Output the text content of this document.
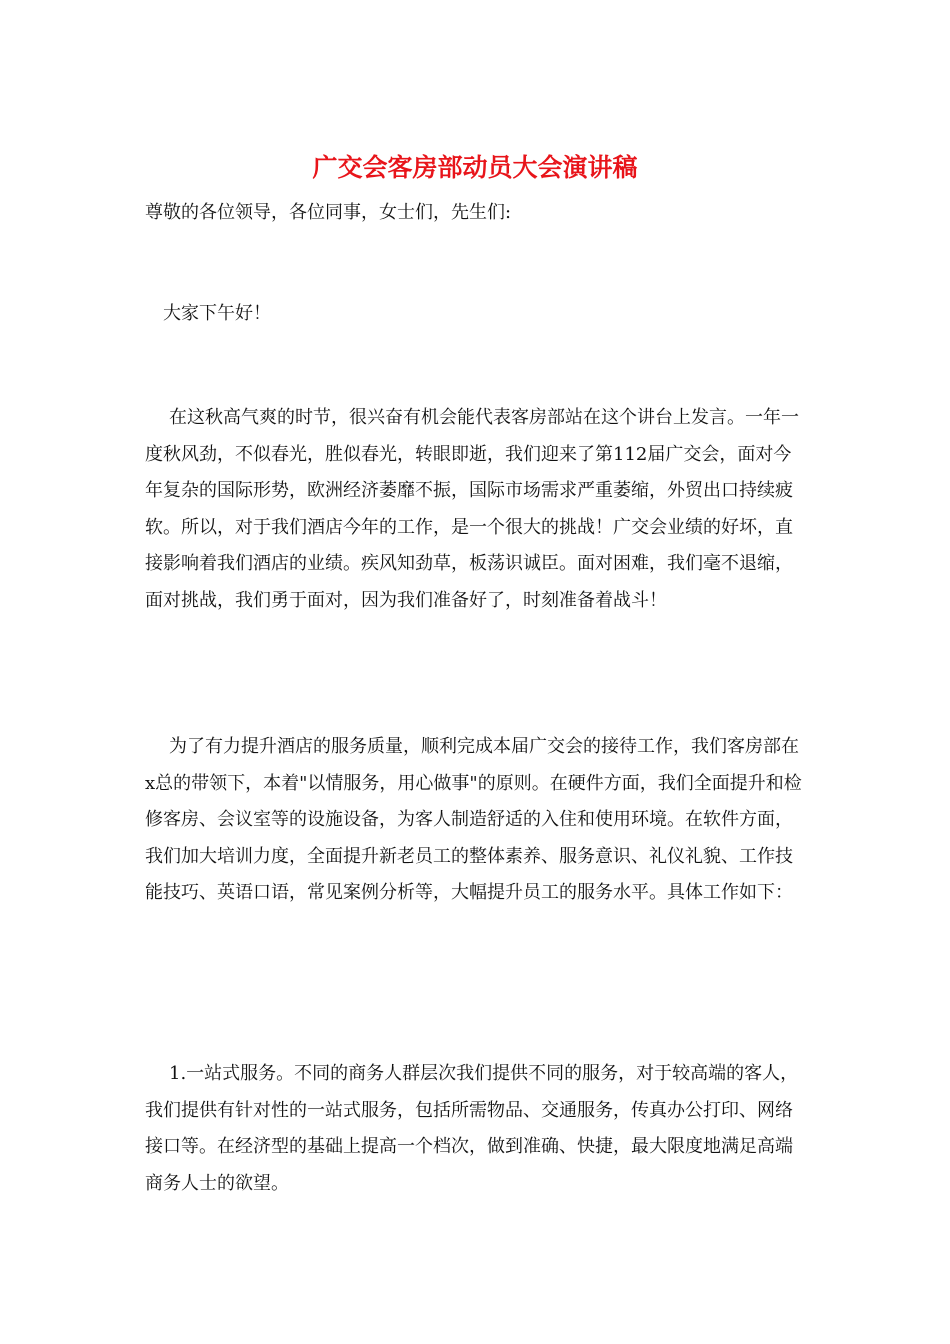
广交会客房部动员大会演讲稿

尊敬的各位领导，各位同事，女士们，先生们:

大家下午好！

在这秋高气爽的时节，很兴奋有机会能代表客房部站在这个讲台上发言。一年一度秋风劲，不似春光，胜似春光，转眼即逝，我们迎来了第112届广交会，面对今年复杂的国际形势，欧洲经济萎靡不振，国际市场需求严重萎缩，外贸出口持续疲软。所以，对于我们酒店今年的工作，是一个很大的挑战！广交会业绩的好坏，直接影响着我们酒店的业绩。疾风知劲草，板荡识诚臣。面对困难，我们毫不退缩，面对挑战，我们勇于面对，因为我们准备好了，时刻准备着战斗！

为了有力提升酒店的服务质量，顺利完成本届广交会的接待工作，我们客房部在x总的带领下，本着"以情服务，用心做事"的原则。在硬件方面，我们全面提升和检修客房、会议室等的设施设备，为客人制造舒适的入住和使用环境。在软件方面，我们加大培训力度，全面提升新老员工的整体素养、服务意识、礼仪礼貌、工作技能技巧、英语口语，常见案例分析等，大幅提升员工的服务水平。具体工作如下：

1.一站式服务。不同的商务人群层次我们提供不同的服务，对于较高端的客人，我们提供有针对性的一站式服务，包括所需物品、交通服务，传真办公打印、网络接口等。在经济型的基础上提高一个档次，做到准确、快捷，最大限度地满足高端商务人士的欲望。
